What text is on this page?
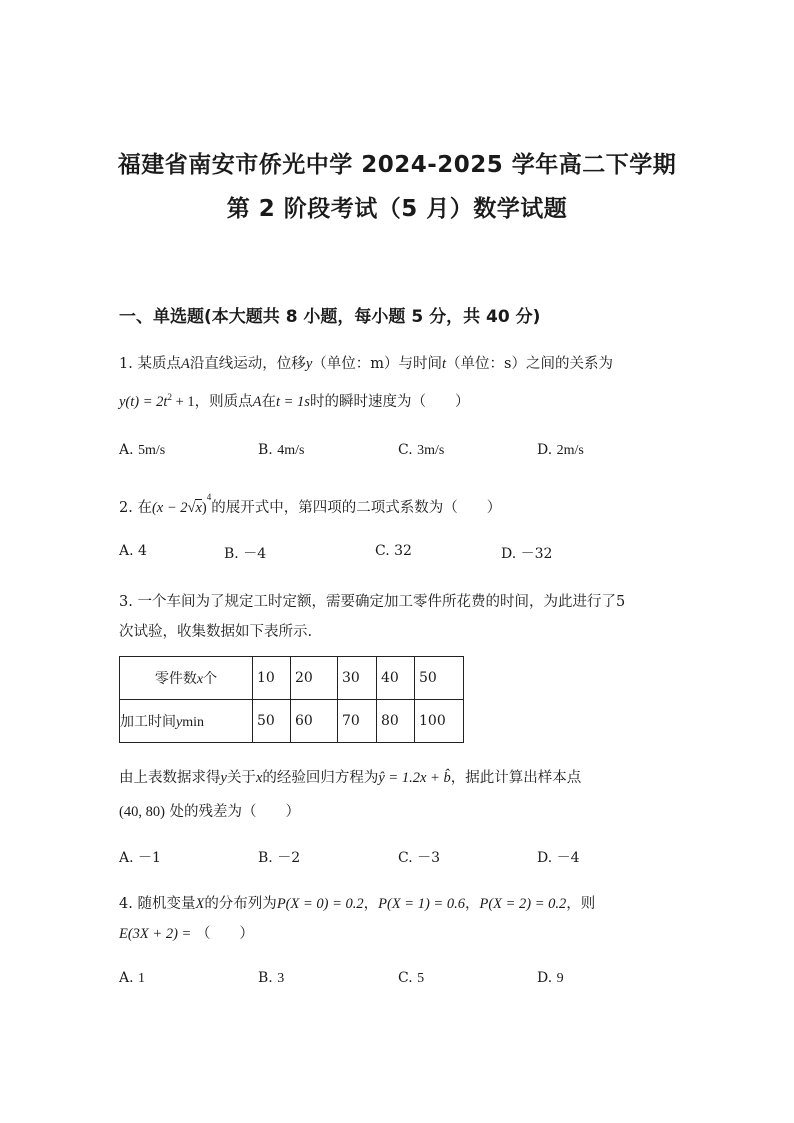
福建省南安市侨光中学 2024-2025 学年高二下学期
第 2 阶段考试（5 月）数学试题
一、单选题(本大题共 8 小题，每小题 5 分，共 40 分)
1. 某质点A沿直线运动，位移y（单位：m）与时间t（单位：s）之间的关系为
$y(t) = 2t^2 + 1$，则质点A在t = 1s时的瞬时速度为（　　）
A. 5m/s	B. 4m/s	C. 3m/s	D. 2m/s
2. 在$(x - 2√x)^4$的展开式中，第四项的二项式系数为（　　）
A. 4	B. －4	C. 32	D. －32
3. 一个车间为了规定工时定额，需要确定加工零件所花费的时间，为此进行了5
次试验，收集数据如下表所示.
零件数x个	10	20	30	40	50
加工时间ymin	50	60	70	80	100
由上表数据求得y关于x的经验回归方程为ŷ = 1.2x + b̂，据此计算出样本点
(40, 80) 处的残差为（　　）
A. －1	B. －2	C. －3	D. －4
4. 随机变量X的分布列为P(X = 0) = 0.2，P(X = 1) = 0.6，P(X = 2) = 0.2，则
E(3X + 2) = （　　）
A. 1	B. 3	C. 5	D. 9
